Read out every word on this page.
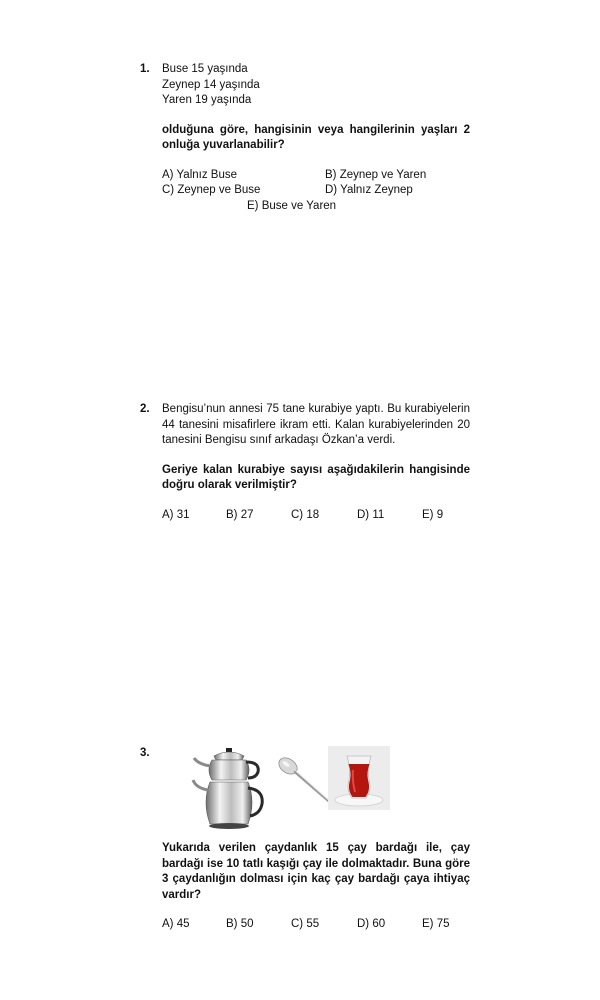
1. Buse 15 yaşında

Zeynep 14 yaşında

Yaren 19 yaşında

olduğuna göre, hangisinin veya hangilerinin yaşları 2 onluğa yuvarlanabilir?

A) Yalnız Buse	B) Zeynep ve Yaren
C) Zeynep ve Buse	D) Yalnız Zeynep
E) Buse ve Yaren
2. Bengisu’nun annesi 75 tane kurabiye yaptı. Bu kurabiyelerin 44 tanesini misafirlere ikram etti. Kalan kurabiyelerinden 20 tanesini Bengisu sınıf arkadaşı Özkan’a verdi.

Geriye kalan kurabiye sayısı aşağıdakilerin hangisinde doğru olarak verilmiştir?

A) 31	B) 27	C) 18	D) 11	E) 9
3.

Yukarıda verilen çaydanlık 15 çay bardağı ile, çay bardağı ise 10 tatlı kaşığı çay ile dolmaktadır. Buna göre 3 çaydanlığın dolması için kaç çay bardağı çaya ihtiyaç vardır?

A) 45	B) 50	C) 55	D) 60	E) 75
